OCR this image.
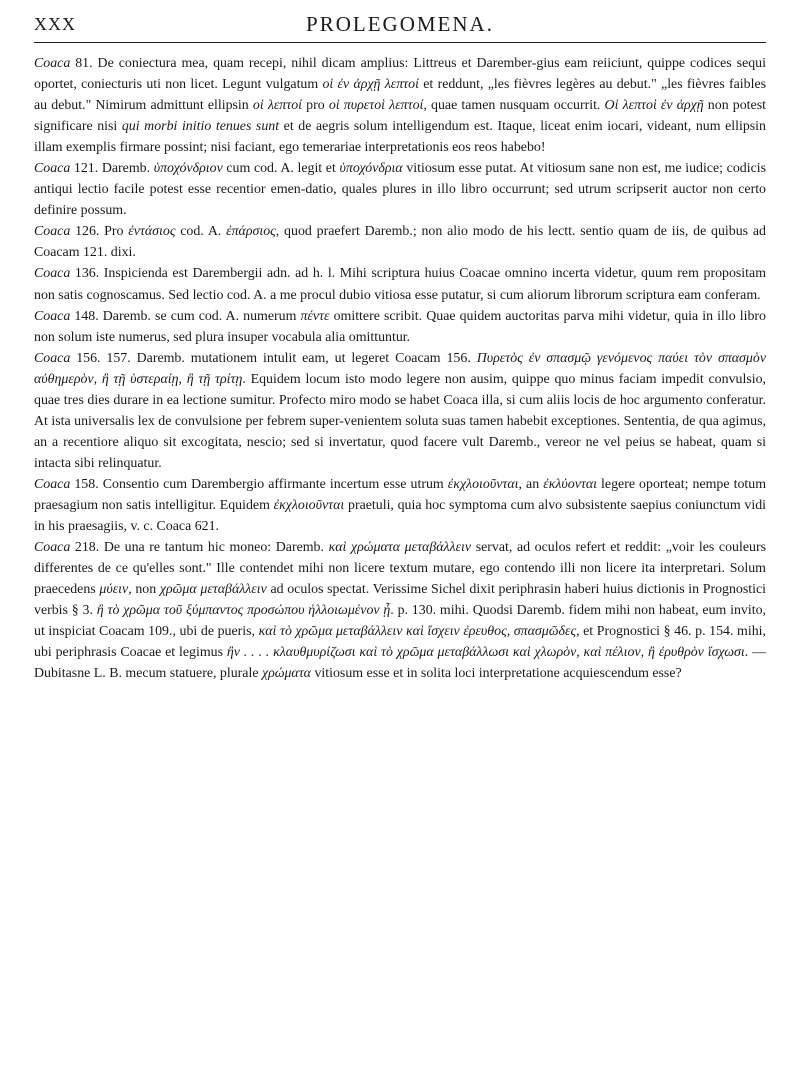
XXX	PROLEGOMENA.

Coaca 81. De coniectura mea, quam recepi, nihil dicam amplius: Littreus et Darember-gius eam reiiciunt, quippe codices sequi oportet, coniecturis uti non licet. Legunt vulgatum οἱ ἐν ἀρχῇ λεπτοί et reddunt, „les fièvres legères au debut." „les fièvres faibles au debut." Nimirum admittunt ellipsin οἱ λεπτοί pro οἱ πυρετοὶ λεπτοί, quae tamen nusquam occurrit. Οἱ λεπτοὶ ἐν ἀρχῇ non potest significare nisi qui morbi initio tenues sunt et de aegris solum intelligendum est. Itaque, liceat enim iocari, videant, num ellipsin illam exemplis firmare possint; nisi faciant, ego temerariae interpretationis eos reos habebo!

Coaca 121. Daremb. ὑποχόνδριον cum cod. A. legit et ὑποχόνδρια vitiosum esse putat. At vitiosum sane non est, me iudice; codicis antiqui lectio facile potest esse recentior emen-datio, quales plures in illo libro occurrunt; sed utrum scripserit auctor non certo definire possum.

Coaca 126. Pro ἐντάσιος cod. A. ἐπάρσιος, quod praefert Daremb.; non alio modo de his lectt. sentio quam de iis, de quibus ad Coacam 121. dixi.

Coaca 136. Inspicienda est Darembergii adn. ad h. l. Mihi scriptura huius Coacae omnino incerta videtur, quum rem propositam non satis cognoscamus. Sed lectio cod. A. a me procul dubio vitiosa esse putatur, si cum aliorum librorum scriptura eam conferam.

Coaca 148. Daremb. se cum cod. A. numerum πέντε omittere scribit. Quae quidem auctoritas parva mihi videtur, quia in illo libro non solum iste numerus, sed plura insuper vocabula alia omittuntur.

Coaca 156. 157. Daremb. mutationem intulit eam, ut legeret Coacam 156. Πυρετὸς ἐν σπασμῷ γενόμενος παύει τὸν σπασμὸν αὐθημερὸν, ἢ τῇ ὑστεραίῃ, ἢ τῇ τρίτῃ. Equidem locum isto modo legere non ausim, quippe quo minus faciam impedit convulsio, quae tres dies durare in ea lectione sumitur. Profecto miro modo se habet Coaca illa, si cum aliis locis de hoc argumento conferatur. At ista universalis lex de convulsione per febrem super-venientem soluta suas tamen habebit exceptiones. Sententia, de qua agimus, an a recentiore aliquo sit excogitata, nescio; sed si invertatur, quod facere vult Daremb., vereor ne vel peius se habeat, quam si intacta sibi relinquatur.

Coaca 158. Consentio cum Darembergio affirmante incertum esse utrum ἐκχλοιοῦνται, an ἐκλύονται legere oporteat; nempe totum praesagium non satis intelligitur. Equidem ἐκχλοιοῦνται praetuli, quia hoc symptoma cum alvo subsistente saepius coniunctum vidi in his praesagiis, v. c. Coaca 621.

Coaca 218. De una re tantum hic moneo: Daremb. καὶ χρώματα μεταβάλλειν servat, ad oculos refert et reddit: „voir les couleurs differentes de ce qu'elles sont." Ille contendet mihi non licere textum mutare, ego contendo illi non licere ita interpretari. Solum praecedens μύειν, non χρῶμα μεταβάλλειν ad oculos spectat. Verissime Sichel dixit periphrasin haberi huius dictionis in Prognostici verbis § 3. ἢ τὸ χρῶμα τοῦ ξύμπαντος προσώπου ἠλλοιωμένον ᾖ. p. 130. mihi. Quodsi Daremb. fidem mihi non habeat, eum invito, ut inspiciat Coacam 109., ubi de pueris, καὶ τὸ χρῶμα μεταβάλλειν καὶ ἴσχειν ἐρευθος, σπασμῶδες, et Prognostici § 46. p. 154. mihi, ubi periphrasis Coacae et legimus ἢν . . . . κλαυθμυρίζωσι καὶ τὸ χρῶμα μεταβάλλωσι καὶ χλωρὸν, καὶ πέλιον, ἢ ἐρυθρὸν ἴσχωσι. — Dubitasne L. B. mecum statuere, plurale χρώματα vitiosum esse et in solita loci interpretatione acquiescendum esse?
